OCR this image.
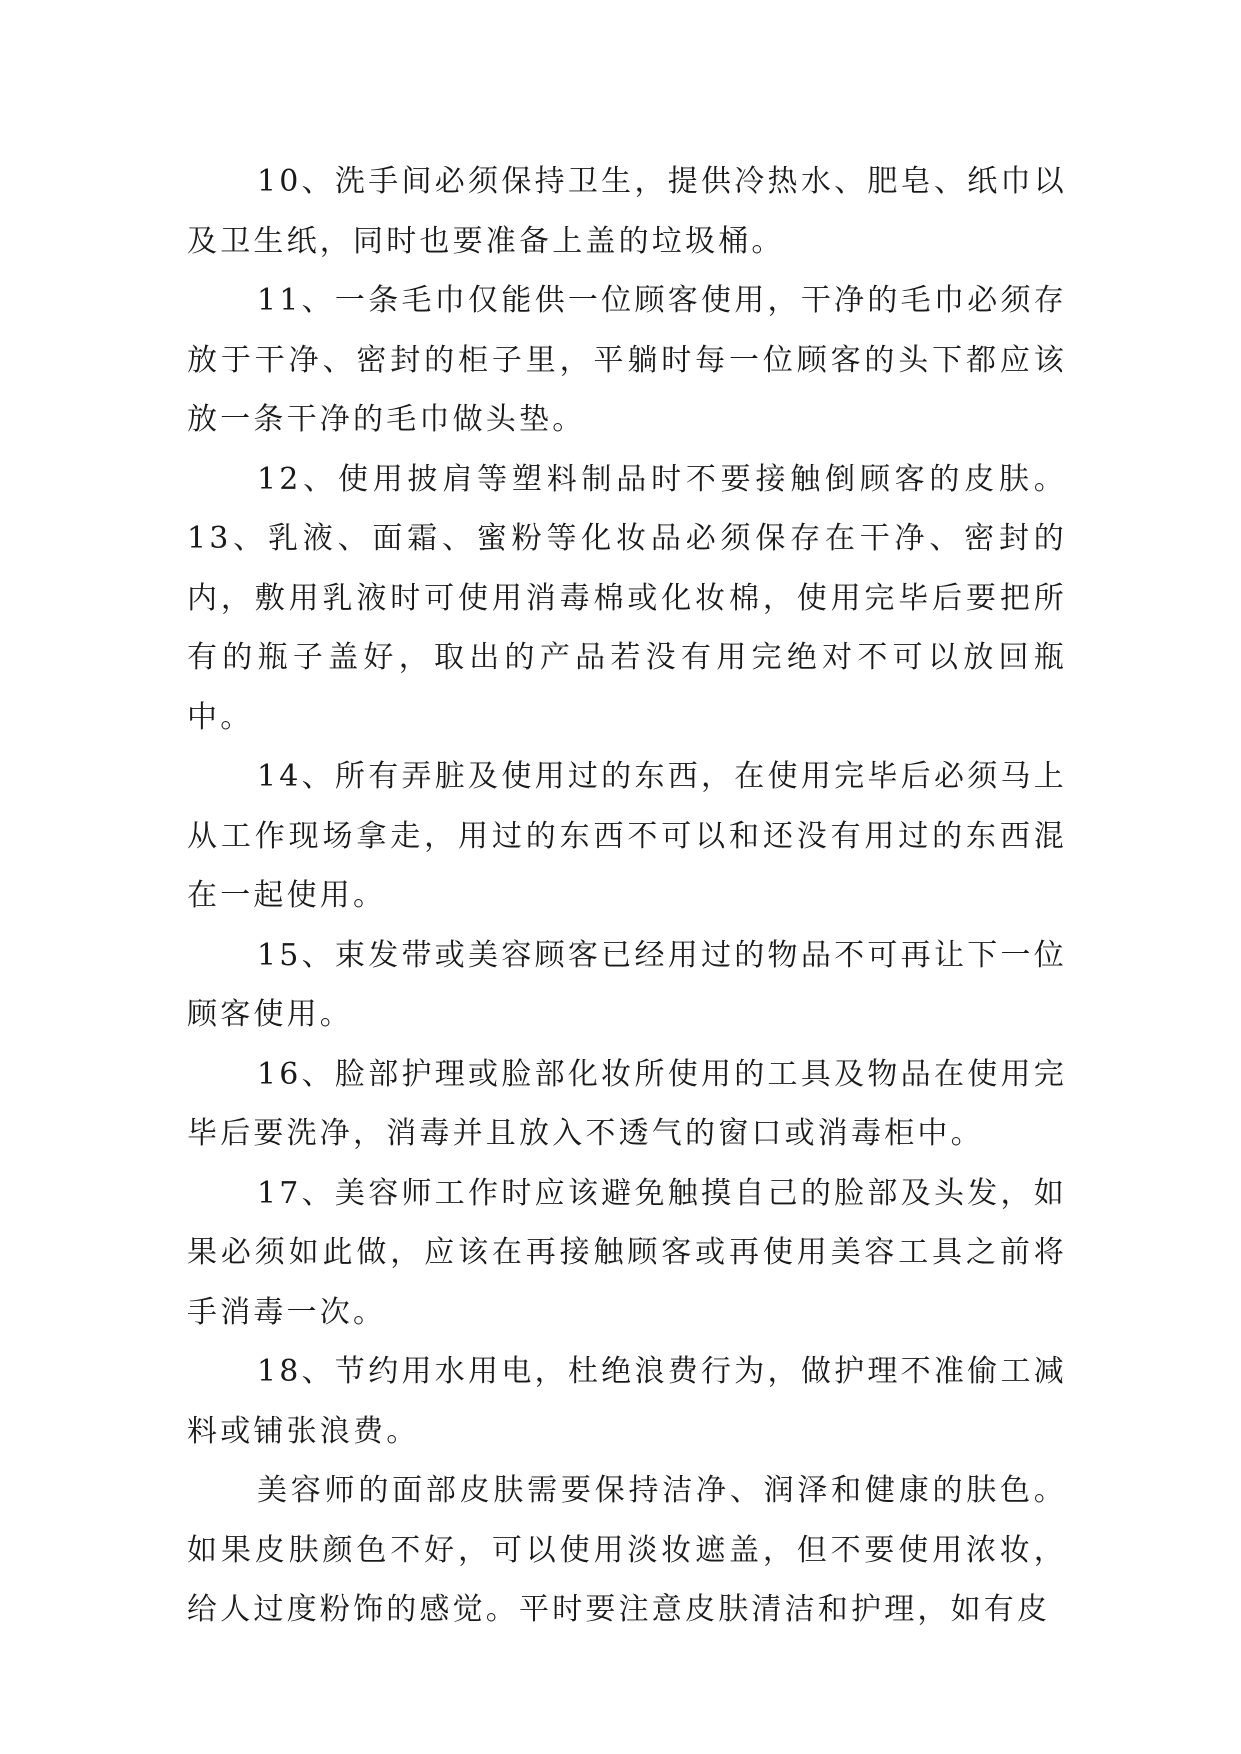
10、洗手间必须保持卫生，提供冷热水、肥皂、纸巾以及卫生纸，同时也要准备上盖的垃圾桶。

11、一条毛巾仅能供一位顾客使用，干净的毛巾必须存放于干净、密封的柜子里，平躺时每一位顾客的头下都应该放一条干净的毛巾做头垫。

12、使用披肩等塑料制品时不要接触倒顾客的皮肤。13、乳液、面霜、蜜粉等化妆品必须保存在干净、密封的内，敷用乳液时可使用消毒棉或化妆棉，使用完毕后要把所有的瓶子盖好，取出的产品若没有用完绝对不可以放回瓶中。

14、所有弄脏及使用过的东西，在使用完毕后必须马上从工作现场拿走，用过的东西不可以和还没有用过的东西混在一起使用。

15、束发带或美容顾客已经用过的物品不可再让下一位顾客使用。

16、脸部护理或脸部化妆所使用的工具及物品在使用完毕后要洗净，消毒并且放入不透气的窗口或消毒柜中。

17、美容师工作时应该避免触摸自己的脸部及头发，如果必须如此做，应该在再接触顾客或再使用美容工具之前将手消毒一次。

18、节约用水用电，杜绝浪费行为，做护理不准偷工减料或铺张浪费。

美容师的面部皮肤需要保持洁净、润泽和健康的肤色。如果皮肤颜色不好，可以使用淡妆遮盖，但不要使用浓妆，给人过度粉饰的感觉。平时要注意皮肤清洁和护理，如有皮
